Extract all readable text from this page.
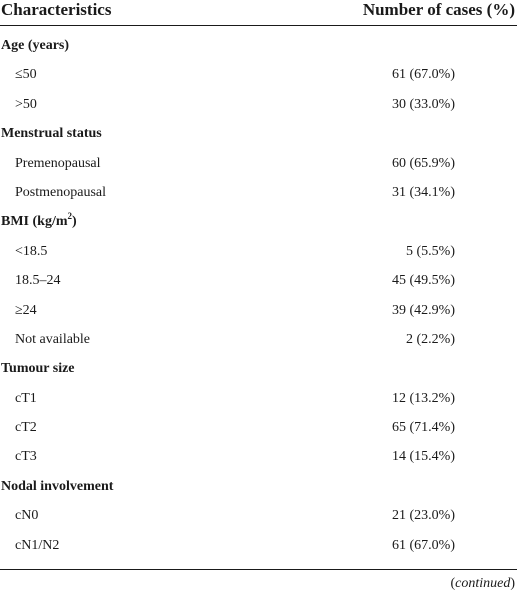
Characteristics	Number of cases (%)
Age (years)
≤50	61 (67.0%)
>50	30 (33.0%)
Menstrual status
Premenopausal	60 (65.9%)
Postmenopausal	31 (34.1%)
BMI $(kg/m^2)$
<18.5	5 (5.5%)
18.5–24	45 (49.5%)
≥24	39 (42.9%)
Not available	2 (2.2%)
Tumour size
cT1	12 (13.2%)
cT2	65 (71.4%)
cT3	14 (15.4%)
Nodal involvement
cN0	21 (23.0%)
cN1/N2	61 (67.0%)
(continued)
